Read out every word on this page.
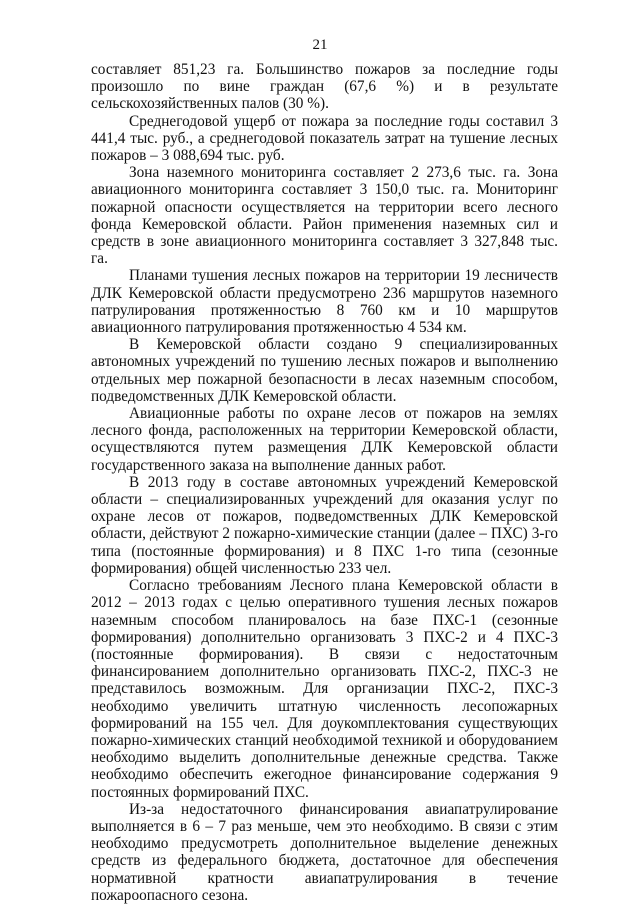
21

составляет 851,23 га. Большинство пожаров за последние годы произошло по вине граждан (67,6 %) и в результате сельскохозяйственных палов (30 %).

Среднегодовой ущерб от пожара за последние годы составил 3 441,4 тыс. руб., а среднегодовой показатель затрат на тушение лесных пожаров – 3 088,694 тыс. руб.

Зона наземного мониторинга составляет 2 273,6 тыс. га. Зона авиационного мониторинга составляет 3 150,0 тыс. га. Мониторинг пожарной опасности осуществляется на территории всего лесного фонда Кемеровской области. Район применения наземных сил и средств в зоне авиационного мониторинга составляет 3 327,848 тыс. га.

Планами тушения лесных пожаров на территории 19 лесничеств ДЛК Кемеровской области предусмотрено 236 маршрутов наземного патрулирования протяженностью 8 760 км и 10 маршрутов авиационного патрулирования протяженностью 4 534 км.

В Кемеровской области создано 9 специализированных автономных учреждений по тушению лесных пожаров и выполнению отдельных мер пожарной безопасности в лесах наземным способом, подведомственных ДЛК Кемеровской области.

Авиационные работы по охране лесов от пожаров на землях лесного фонда, расположенных на территории Кемеровской области, осуществляются путем размещения ДЛК Кемеровской области государственного заказа на выполнение данных работ.

В 2013 году в составе автономных учреждений Кемеровской области – специализированных учреждений для оказания услуг по охране лесов от пожаров, подведомственных ДЛК Кемеровской области, действуют 2 пожарно-химические станции (далее – ПХС) 3-го типа (постоянные формирования) и 8 ПХС 1-го типа (сезонные формирования) общей численностью 233 чел.

Согласно требованиям Лесного плана Кемеровской области в 2012 – 2013 годах с целью оперативного тушения лесных пожаров наземным способом планировалось на базе ПХС-1 (сезонные формирования) дополнительно организовать 3 ПХС-2 и 4 ПХС-3 (постоянные формирования). В связи с недостаточным финансированием дополнительно организовать ПХС-2, ПХС-3 не представилось возможным. Для организации ПХС-2, ПХС-3 необходимо увеличить штатную численность лесопожарных формирований на 155 чел. Для доукомплектования существующих пожарно-химических станций необходимой техникой и оборудованием необходимо выделить дополнительные денежные средства. Также необходимо обеспечить ежегодное финансирование содержания 9 постоянных формирований ПХС.

Из-за недостаточного финансирования авиапатрулирование выполняется в 6 – 7 раз меньше, чем это необходимо. В связи с этим необходимо предусмотреть дополнительное выделение денежных средств из федерального бюджета, достаточное для обеспечения нормативной кратности авиапатрулирования в течение пожароопасного сезона.
